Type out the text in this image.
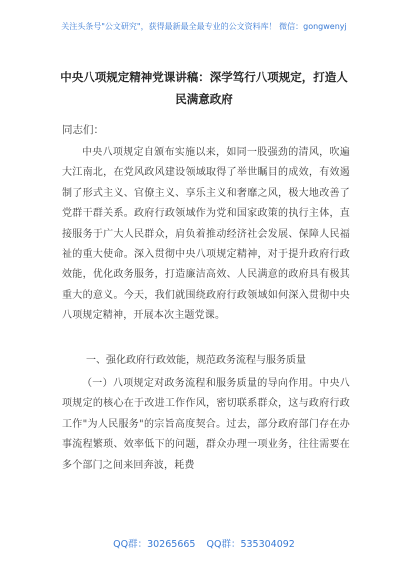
关注头条号"公文研究"，获得最新最全最专业的公文资料库！ 微信：gongwenyj
中央八项规定精神党课讲稿：深学笃行八项规定，打造人民满意政府
同志们：
中央八项规定自颁布实施以来，如同一股强劲的清风，吹遍大江南北，在党风政风建设领域取得了举世瞩目的成效，有效遏制了形式主义、官僚主义、享乐主义和奢靡之风，极大地改善了党群干群关系。政府行政领域作为党和国家政策的执行主体，直接服务于广大人民群众，肩负着推动经济社会发展、保障人民福祉的重大使命。深入贯彻中央八项规定精神，对于提升政府行政效能，优化政务服务，打造廉洁高效、人民满意的政府具有极其重大的意义。今天，我们就围绕政府行政领域如何深入贯彻中央八项规定精神，开展本次主题党课。
一、强化政府行政效能，规范政务流程与服务质量
（一）八项规定对政务流程和服务质量的导向作用。中央八项规定的核心在于改进工作作风，密切联系群众，这与政府行政工作"为人民服务"的宗旨高度契合。过去，部分政府部门存在办事流程繁琐、效率低下的问题，群众办理一项业务，往往需要在多个部门之间来回奔波，耗费
QQ群：30265665 QQ群：535304092
